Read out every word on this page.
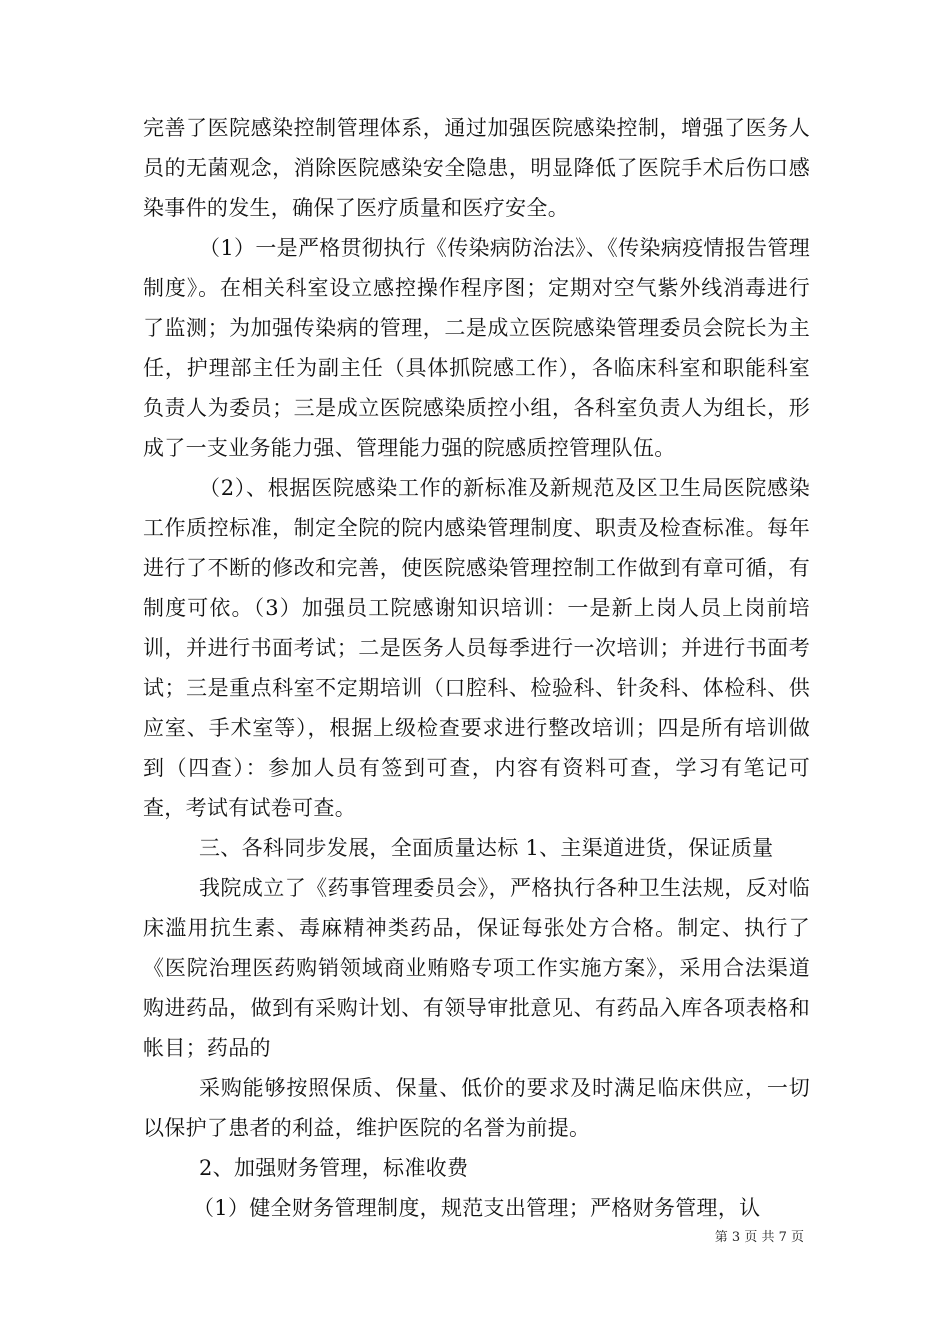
完善了医院感染控制管理体系，通过加强医院感染控制，增强了医务人员的无菌观念，消除医院感染安全隐患，明显降低了医院手术后伤口感染事件的发生，确保了医疗质量和医疗安全。

（1）一是严格贯彻执行《传染病防治法》、《传染病疫情报告管理制度》。在相关科室设立感控操作程序图；定期对空气紫外线消毒进行了监测；为加强传染病的管理，二是成立医院感染管理委员会院长为主任，护理部主任为副主任（具体抓院感工作），各临床科室和职能科室负责人为委员；三是成立医院感染质控小组，各科室负责人为组长，形成了一支业务能力强、管理能力强的院感质控管理队伍。

（2）、根据医院感染工作的新标准及新规范及区卫生局医院感染工作质控标准，制定全院的院内感染管理制度、职责及检查标准。每年进行了不断的修改和完善，使医院感染管理控制工作做到有章可循，有制度可依。（3）加强员工院感谢知识培训：一是新上岗人员上岗前培训，并进行书面考试；二是医务人员每季进行一次培训；并进行书面考试；三是重点科室不定期培训（口腔科、检验科、针灸科、体检科、供应室、手术室等），根据上级检查要求进行整改培训；四是所有培训做到（四查）：参加人员有签到可查，内容有资料可查，学习有笔记可查，考试有试卷可查。

三、各科同步发展，全面质量达标 1、主渠道进货，保证质量

我院成立了《药事管理委员会》，严格执行各种卫生法规，反对临床滥用抗生素、毒麻精神类药品，保证每张处方合格。制定、执行了《医院治理医药购销领域商业贿赂专项工作实施方案》，采用合法渠道购进药品，做到有采购计划、有领导审批意见、有药品入库各项表格和帐目；药品的

采购能够按照保质、保量、低价的要求及时满足临床供应，一切以保护了患者的利益，维护医院的名誉为前提。

2、加强财务管理，标准收费

（1）健全财务管理制度，规范支出管理；严格财务管理，认

第 3 页 共 7 页
